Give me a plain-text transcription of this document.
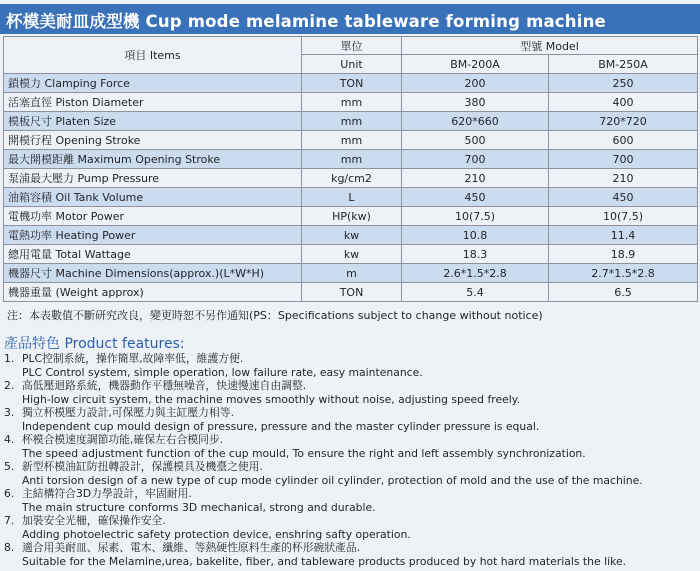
杯模美耐皿成型機 Cup mode melamine tableware forming machine
項目 Items	單位	型號 Model	
	Unit	BM-200A	BM-250A
鎖模力 Clamping Force	TON	200	250
活塞直徑 Piston Diameter	mm	380	400
模板尺寸 Platen Size	mm	620*660	720*720
開模行程 Opening Stroke	mm	500	600
最大開模距離 Maximum Opening Stroke	mm	700	700
泵浦最大壓力 Pump Pressure	kg/cm2	210	210
油箱容積 Oil Tank Volume	L	450	450
電機功率 Motor Power	HP(kw)	10(7.5)	10(7.5)
電熱功率 Heating Power	kw	10.8	11.4
總用電量 Total Wattage	kw	18.3	18.9
機器尺寸 Machine Dimensions(approx.)(L*W*H)	m	2.6*1.5*2.8	2.7*1.5*2.8
機器重量 (Weight approx)	TON	5.4	6.5
注：本表數值不斷研究改良，變更時恕不另作通知(PS：Specifications subject to change without notice)
產品特色 Product features:
1. PLC控制系統，操作簡單,故障率低，維護方便.
PLC Control system, simple operation, low failure rate, easy maintenance.
2. 高低壓迴路系統，機器動作平穩無噪音，快速慢速自由調整.
High-low circuit system, the machine moves smoothly without noise, adjusting speed freely.
3. 獨立杯模壓力設計,可保壓力與主缸壓力相等.
Independent cup mould design of pressure, pressure and the master cylinder pressure is equal.
4. 杯模合模速度調節功能,確保左右合模同步.
The speed adjustment function of the cup mould, To ensure the right and left assembly synchronization.
5. 新型杯模油缸防扭轉設計，保護模具及機臺之使用.
Anti torsion design of a new type of cup mode cylinder oil cylinder, protection of mold and the use of the machine.
6. 主結構符合3D力學設計，牢固耐用.
The main structure conforms 3D mechanical, strong and durable.
7. 加裝安全光柵，確保操作安全.
Adding photoelectric safety protection device, enshring safty operation.
8. 適合用美耐皿、尿素、電木、纖維、等熱硬性原料生產的杯形碗狀產品.
Suitable for the Melamine,urea, bakelite, fiber, and tableware products produced by hot hard materials the like.
